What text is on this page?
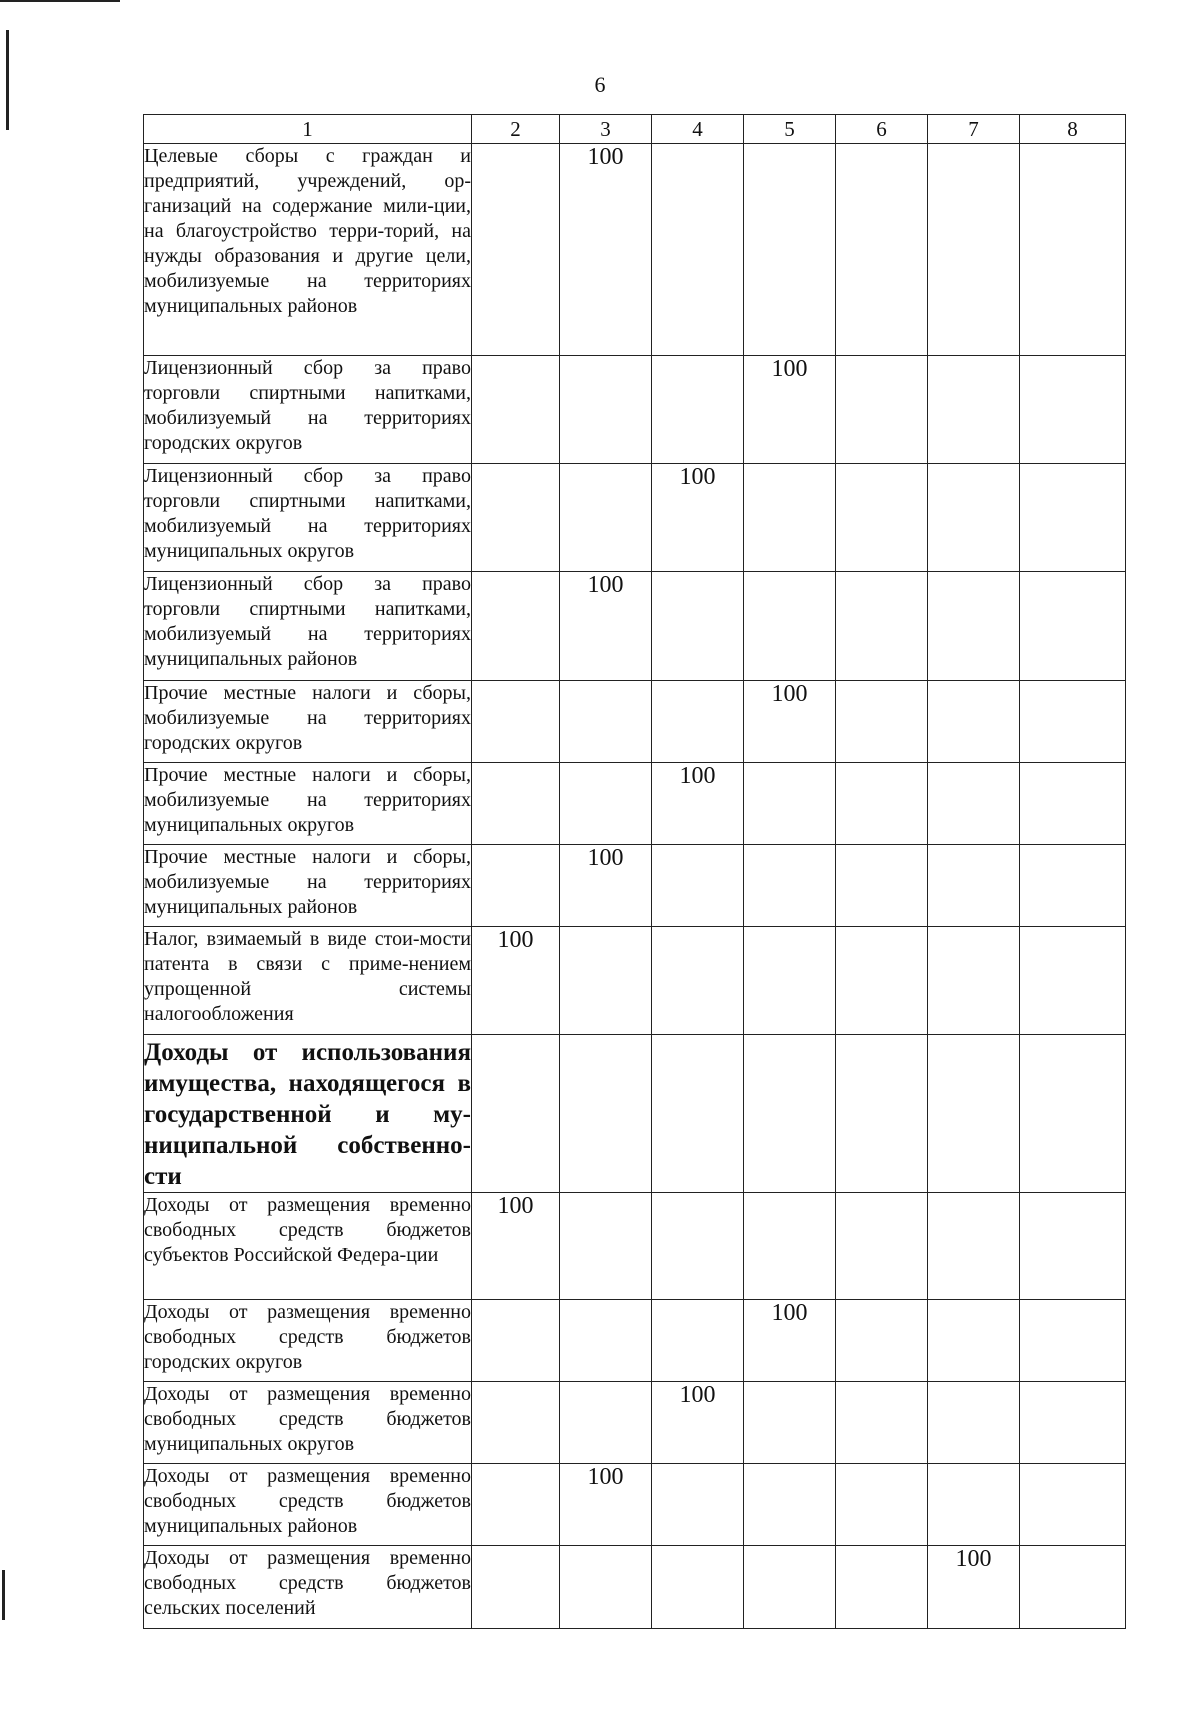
6
1	2	3	4	5	6	7	8
Целевые сборы с граждан и предприятий, учреждений, ор-ганизаций на содержание мили-ции, на благоустройство терри-торий, на нужды образования и другие цели, мобилизуемые на территориях муниципальных районов		100					
Лицензионный сбор за право торговли спиртными напитками, мобилизуемый на территориях городских округов				100			
Лицензионный сбор за право торговли спиртными напитками, мобилизуемый на территориях муниципальных округов			100				
Лицензионный сбор за право торговли спиртными напитками, мобилизуемый на территориях муниципальных районов		100					
Прочие местные налоги и сборы, мобилизуемые на территориях городских округов				100			
Прочие местные налоги и сборы, мобилизуемые на территориях муниципальных округов			100				
Прочие местные налоги и сборы, мобилизуемые на территориях муниципальных районов		100					
Налог, взимаемый в виде стои-мости патента в связи с приме-нением упрощенной системы налогообложения	100						
Доходы от использования имущества, находящегося в государственной и му-ниципальной собственно-сти							
Доходы от размещения временно свободных средств бюджетов субъектов Российской Федера-ции	100						
Доходы от размещения временно свободных средств бюджетов городских округов				100			
Доходы от размещения временно свободных средств бюджетов муниципальных округов			100				
Доходы от размещения временно свободных средств бюджетов муниципальных районов		100					
Доходы от размещения временно свободных средств бюджетов сельских поселений						100	
